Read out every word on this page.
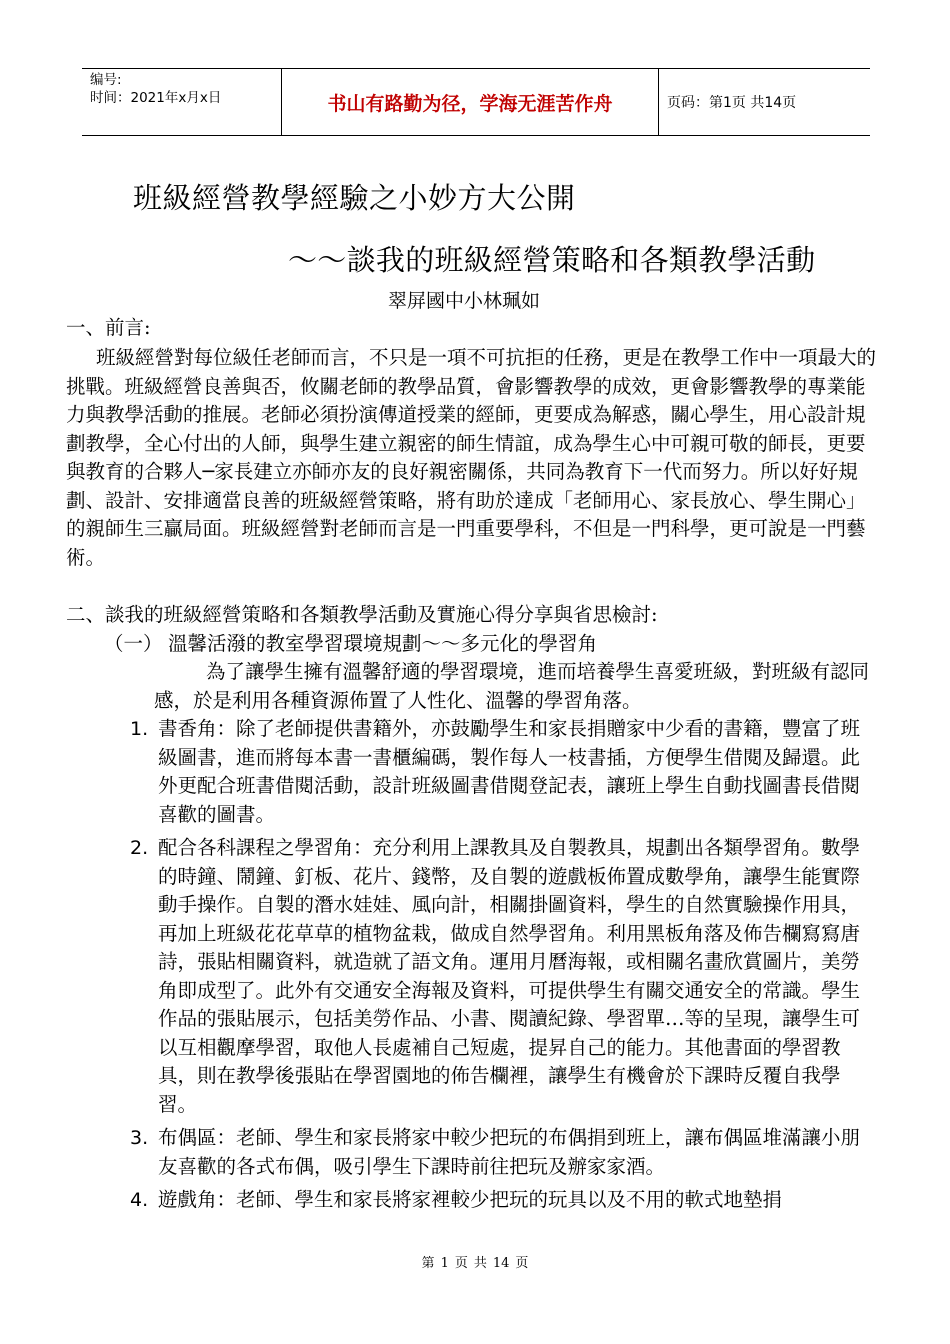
编号:
时间：2021年x月x日	书山有路勤为径，学海无涯苦作舟	页码：第1页 共14页
班級經營教學經驗之小妙方大公開
～～談我的班級經營策略和各類教學活動
翠屏國中小林珮如
一、前言:

班級經營對每位級任老師而言，不只是一項不可抗拒的任務，更是在教學工作中一項最大的挑戰。班級經營良善與否，攸關老師的教學品質，會影響教學的成效，更會影響教學的專業能力與教學活動的推展。老師必須扮演傳道授業的經師，更要成為解惑，關心學生，用心設計規劃教學，全心付出的人師，與學生建立親密的師生情誼，成為學生心中可親可敬的師長，更要與教育的合夥人─家長建立亦師亦友的良好親密關係，共同為教育下一代而努力。所以好好規劃、設計、安排適當良善的班級經營策略，將有助於達成「老師用心、家長放心、學生開心」的親師生三贏局面。班級經營對老師而言是一門重要學科，不但是一門科學，更可說是一門藝術。

二、談我的班級經營策略和各類教學活動及實施心得分享與省思檢討:
（一） 溫馨活潑的教室學習環境規劃～～多元化的學習角

為了讓學生擁有溫馨舒適的學習環境，進而培養學生喜愛班級，對班級有認同感，於是利用各種資源佈置了人性化、溫馨的學習角落。

1. 書香角：除了老師提供書籍外，亦鼓勵學生和家長捐贈家中少看的書籍，豐富了班級圖書，進而將每本書一書櫃編碼，製作每人一枝書插，方便學生借閱及歸還。此外更配合班書借閱活動，設計班級圖書借閱登記表，讓班上學生自動找圖書長借閱喜歡的圖書。
2. 配合各科課程之學習角：充分利用上課教具及自製教具，規劃出各類學習角。數學的時鐘、鬧鐘、釘板、花片、錢幣，及自製的遊戲板佈置成數學角，讓學生能實際動手操作。自製的潛水娃娃、風向計，相關掛圖資料，學生的自然實驗操作用具，再加上班級花花草草的植物盆栽，做成自然學習角。利用黑板角落及佈告欄寫寫唐詩，張貼相關資料，就造就了語文角。運用月曆海報，或相關名畫欣賞圖片，美勞角即成型了。此外有交通安全海報及資料，可提供學生有關交通安全的常識。學生作品的張貼展示，包括美勞作品、小書、閱讀紀錄、學習單…等的呈現，讓學生可以互相觀摩學習，取他人長處補自己短處，提昇自己的能力。其他書面的學習教具，則在教學後張貼在學習園地的佈告欄裡，讓學生有機會於下課時反覆自我學習。
3. 布偶區：老師、學生和家長將家中較少把玩的布偶捐到班上，讓布偶區堆滿讓小朋友喜歡的各式布偶，吸引學生下課時前往把玩及辦家家酒。
4. 遊戲角：老師、學生和家長將家裡較少把玩的玩具以及不用的軟式地墊捐
第 1 页 共 14 页
